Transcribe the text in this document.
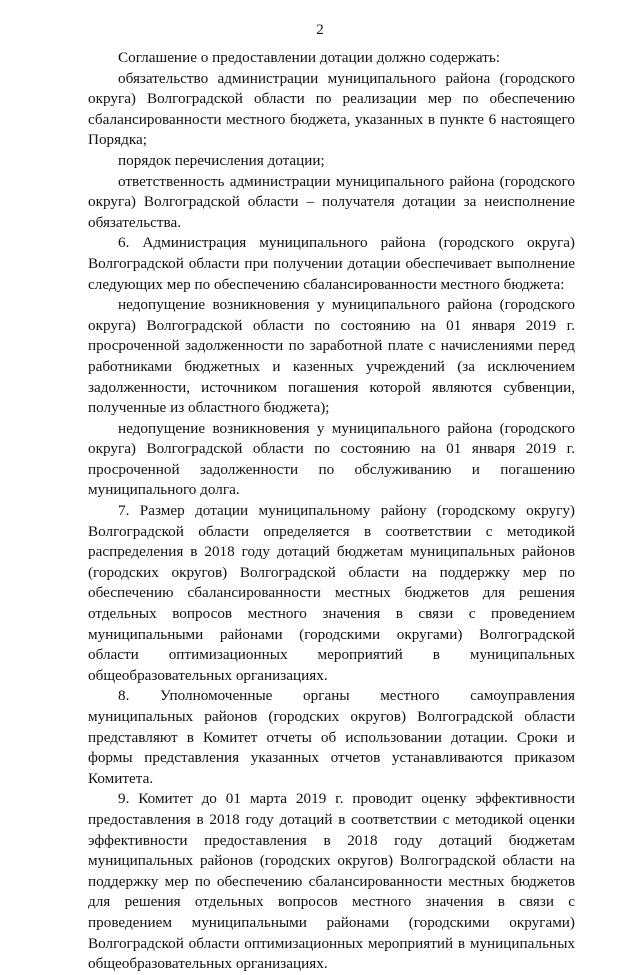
2

Соглашение о предоставлении дотации должно содержать:

обязательство администрации муниципального района (городского округа) Волгоградской области по реализации мер по обеспечению сбалансированности местного бюджета, указанных в пункте 6 настоящего Порядка;

порядок перечисления дотации;

ответственность администрации муниципального района (городского округа) Волгоградской области – получателя дотации за неисполнение обязательства.

6. Администрация муниципального района (городского округа) Волгоградской области при получении дотации обеспечивает выполнение следующих мер по обеспечению сбалансированности местного бюджета:

недопущение возникновения у муниципального района (городского округа) Волгоградской области по состоянию на 01 января 2019 г. просроченной задолженности по заработной плате с начислениями перед работниками бюджетных и казенных учреждений (за исключением задолженности, источником погашения которой являются субвенции, полученные из областного бюджета);

недопущение возникновения у муниципального района (городского округа) Волгоградской области по состоянию на 01 января 2019 г. просроченной задолженности по обслуживанию и погашению муниципального долга.

7. Размер дотации муниципальному району (городскому округу) Волгоградской области определяется в соответствии с методикой распределения в 2018 году дотаций бюджетам муниципальных районов (городских округов) Волгоградской области на поддержку мер по обеспечению сбалансированности местных бюджетов для решения отдельных вопросов местного значения в связи с проведением муниципальными районами (городскими округами) Волгоградской области оптимизационных мероприятий в муниципальных общеобразовательных организациях.

8. Уполномоченные органы местного самоуправления муниципальных районов (городских округов) Волгоградской области представляют в Комитет отчеты об использовании дотации. Сроки и формы представления указанных отчетов устанавливаются приказом Комитета.

9. Комитет до 01 марта 2019 г. проводит оценку эффективности предоставления в 2018 году дотаций в соответствии с методикой оценки эффективности предоставления в 2018 году дотаций бюджетам муниципальных районов (городских округов) Волгоградской области на поддержку мер по обеспечению сбалансированности местных бюджетов для решения отдельных вопросов местного значения в связи с проведением муниципальными районами (городскими округами) Волгоградской области оптимизационных мероприятий в муниципальных общеобразовательных организациях.
